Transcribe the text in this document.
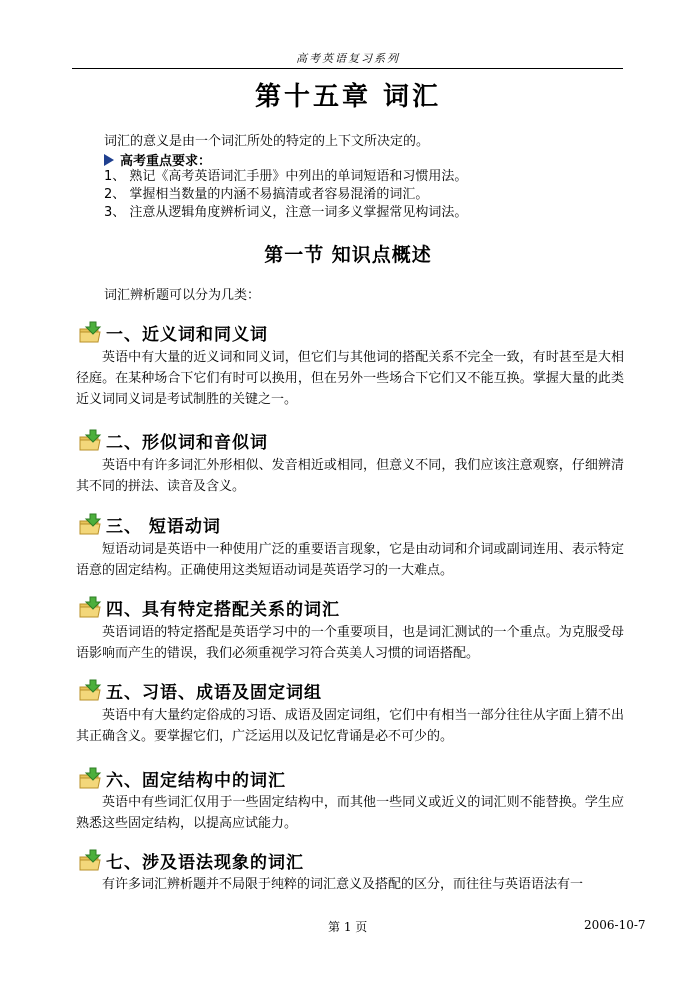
高考英语复习系列
第十五章 词汇
词汇的意义是由一个词汇所处的特定的上下文所决定的。
高考重点要求：
1、 熟记《高考英语词汇手册》中列出的单词短语和习惯用法。
2、 掌握相当数量的内涵不易搞清或者容易混淆的词汇。
3、 注意从逻辑角度辨析词义，注意一词多义掌握常见构词法。
第一节 知识点概述
词汇辨析题可以分为几类：
一、近义词和同义词
英语中有大量的近义词和同义词，但它们与其他词的搭配关系不完全一致，有时甚至是大相径庭。在某种场合下它们有时可以换用，但在另外一些场合下它们又不能互换。掌握大量的此类近义词同义词是考试制胜的关键之一。
二、形似词和音似词
英语中有许多词汇外形相似、发音相近或相同，但意义不同，我们应该注意观察，仔细辨清其不同的拼法、读音及含义。
三、 短语动词
短语动词是英语中一种使用广泛的重要语言现象，它是由动词和介词或副词连用、表示特定语意的固定结构。正确使用这类短语动词是英语学习的一大难点。
四、具有特定搭配关系的词汇
英语词语的特定搭配是英语学习中的一个重要项目，也是词汇测试的一个重点。为克服受母语影响而产生的错误，我们必须重视学习符合英美人习惯的词语搭配。
五、习语、成语及固定词组
英语中有大量约定俗成的习语、成语及固定词组，它们中有相当一部分往往从字面上猜不出其正确含义。要掌握它们，广泛运用以及记忆背诵是必不可少的。
六、固定结构中的词汇
英语中有些词汇仅用于一些固定结构中，而其他一些同义或近义的词汇则不能替换。学生应熟悉这些固定结构，以提高应试能力。
七、涉及语法现象的词汇
有许多词汇辨析题并不局限于纯粹的词汇意义及搭配的区分，而往往与英语语法有一
第 1 页	2006-10-7
